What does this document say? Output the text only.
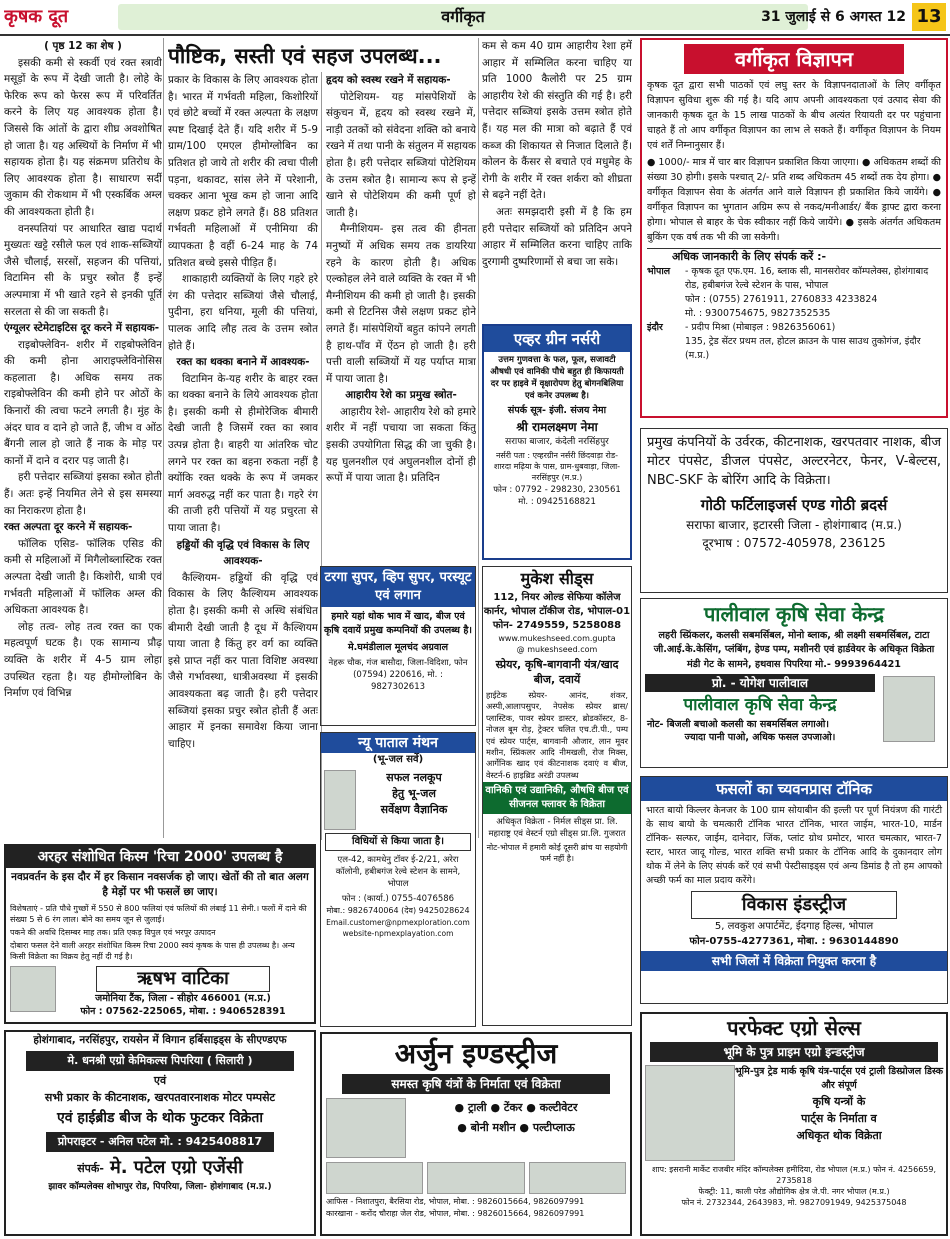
कृषक दूत	वर्गीकृत	31 जुलाई से 6 अगस्त 12 13
( पृष्ठ 12 का शेष )

इसकी कमी से स्कर्वी एवं रक्त स्त्रावी मसूड़ों के रूप में देखी जाती है। लोहे के फेरिक रूप को फेरस रूप में परिवर्तित करने के लिए यह आवश्यक होता है। जिससे कि आंतों के द्वारा शीघ्र अवशोषित हो जाता है। यह अस्थियों के निर्माण में भी सहायक होता है। यह संक्रमण प्रतिरोध के लिए आवश्यक होता है। साधारण सर्दी जुकाम की रोकथाम में भी एस्कर्बिक अम्ल की आवश्यकता होती है।

वनस्पतियां पर आधारित खाद्य पदार्थ मुख्यतः खट्टे रसीले फल एवं शाक-सब्जियों जैसे चौलाई, सरसों, सहजन की पत्तियां, विटामिन सी के प्रचुर स्त्रोत हैं इन्हें अल्पमात्रा में भी खाते रहने से इनकी पूर्ति सरलता से की जा सकती है।

एंग्यूलर स्टेमेटाइटिस दूर करने में सहायक-

राइबोफ्लेविन- शरीर में राइबोफ्लेविन की कमी होना आराइफ्लेविनोसिस कहलाता है। अधिक समय तक राइबोफ्लेविन की कमी होने पर ओठों के किनारों की त्वचा फटने लगती है। मुंह के अंदर घाव व दाने हो जाते हैं, जीभ व ओंठ बैंगनी लाल हो जाते हैं नाक के मोड़ पर कानों में दाने व दरार पड़ जाती है।

हरी पत्तेदार सब्जियां इसका स्त्रोत होती हैं। अतः इन्हें नियमित लेने से इस समस्या का निराकरण होता है।

रक्त अल्पता दूर करने में सहायक-

फॉलिक एसिड- फॉलिक एसिड की कमी से महिलाओं में मिगैलोब्लास्टिक रक्त अल्पता देखी जाती है। किशोरी, धात्री एवं गर्भवती महिलाओं में फॉलिक अम्ल की अधिकता आवश्यक है।

लोह तत्व- लोह तत्व रक्त का एक महत्वपूर्ण घटक है। एक सामान्य प्रौढ़ व्यक्ति के शरीर में 4-5 ग्राम लोहा उपस्थित रहता है। यह हीमोग्लोबिन के निर्माण एवं विभिन्न

पौष्टिक, सस्ती एवं सहज उपलब्ध...

प्रकार के विकास के लिए आवश्यक होता है। भारत में गर्भवती महिला, किशोरियों एवं छोटे बच्चों में रक्त अल्पता के लक्षण स्पष्ट दिखाई देते हैं। यदि शरीर में 5-9 ग्राम/100 एमएल हीमोग्लोबिन का प्रतिशत हो जाये तो शरीर की त्वचा पीली पड़ना, थकावट, सांस लेने में परेशानी, चक्कर आना भूख कम हो जाना आदि लक्षण प्रकट होने लगते हैं। 88 प्रतिशत गर्भवती महिलाओं में एनीमिया की व्यापकता है वहीं 6-24 माह के 74 प्रतिशत बच्चे इससे पीड़ित हैं।

शाकाहारी व्यक्तियों के लिए गहरे हरे रंग की पत्तेदार सब्जियां जैसे चौलाई, पुदीना, हरा धनिया, मूली की पत्तियां, पालक आदि लौह तत्व के उत्तम स्त्रोत होते हैं।

रक्त का थक्का बनाने में आवश्यक-

विटामिन के-यह शरीर के बाहर रक्त का थक्का बनाने के लिये आवश्यक होता है। इसकी कमी से हीमोरेजिक बीमारी देखी जाती है जिसमें रक्त का स्त्राव उत्पन्न होता है। बाहरी या आंतरिक चोट लगने पर रक्त का बहना रुकता नहीं है क्योंकि रक्त थक्के के रूप में जमकर मार्ग अवरुद्ध नहीं कर पाता है। गहरे रंग की ताजी हरी पत्तियों में यह प्रचुरता से पाया जाता है।

हड्डियों की वृद्धि एवं विकास के लिए आवश्यक-

कैल्शियम- हड्डियों की वृद्धि एवं विकास के लिए कैल्शियम आवश्यक होता है। इसकी कमी से अस्थि संबंधित बीमारी देखी जाती है दूध में कैल्शियम पाया जाता है किंतु हर वर्ग का व्यक्ति इसे प्राप्त नहीं कर पाता विशिष्ट अवस्था जैसे गर्भावस्था, धात्रीअवस्था में इसकी आवश्यकता बढ़ जाती है। हरी पत्तेदार सब्जियां इसका प्रचुर स्त्रोत होती हैं अतः आहार में इनका समावेश किया जाना चाहिए।

हृदय को स्वस्थ रखने में सहायक-

पोटेशियम- यह मांसपेशियों के संकुचन में, हृदय को स्वस्थ रखने में, नाड़ी उतकों को संवेदना शक्ति को बनाये रखने में तथा पानी के संतुलन में सहायक होता है। हरी पत्तेदार सब्जियां पोटेशियम के उत्तम स्त्रोत है। सामान्य रूप से इन्हें खाने से पोटेशियम की कमी पूर्ण हो जाती है।

मैग्नीशियम- इस तत्व की हीनता मनुष्यों में अधिक समय तक डायरिया रहने के कारण होती है। अधिक एल्कोहल लेने वाले व्यक्ति के रक्त में भी मैग्नीशियम की कमी हो जाती है। इसकी कमी से टिटनिस जैसे लक्षण प्रकट होने लगते हैं। मांसपेशियों बहुत कांपने लगती है हाथ-पाँव में ऐंठन हो जाती है। हरी पत्ती वाली सब्जियों में यह पर्याप्त मात्रा में पाया जाता है।

आहारीय रेशे का प्रमुख स्त्रोत-

आहारीय रेशे- आहारीय रेशे को हमारे शरीर में नहीं पचाया जा सकता किंतु इसकी उपयोगिता सिद्ध की जा चुकी है। यह घुलनशील एवं अघुलनशील दोनों ही रूपों में पाया जाता है। प्रतिदिन

कम से कम 40 ग्राम आहारीय रेशा हमें आहार में सम्मिलित करना चाहिए या प्रति 1000 कैलोरी पर 25 ग्राम आहारीय रेशे की संस्तुति की गई है। हरी पत्तेदार सब्जियां इसके उत्तम स्त्रोत होते हैं। यह मल की मात्रा को बढ़ाते हैं एवं कब्ज की शिकायत से निजात दिलाते हैं। कोलन के कैंसर से बचाते एवं मधुमेह के रोगी के शरीर में रक्त शर्करा को शीघ्रता से बढ़ने नहीं देते।

अतः समझदारी इसी में है कि हम हरी पत्तेदार सब्जियों को प्रतिदिन अपने आहार में सम्मिलित करना चाहिए ताकि दुरगामी दुष्परिणामों से बचा जा सके।

वर्गीकृत विज्ञापन

कृषक दूत द्वारा सभी पाठकों एवं लघु स्तर के विज्ञापनदाताओं के लिए वर्गीकृत विज्ञापन सुविधा शुरू की गई है। यदि आप अपनी आवश्यकता एवं उत्पाद सेवा की जानकारी कृषक दूत के 15 लाख पाठकों के बीच अत्यंत रियायती दर पर पहुंचाना चाहते हैं तो आप वर्गीकृत विज्ञापन का लाभ ले सकते हैं। वर्गीकृत विज्ञापन के नियम एवं शर्तें निम्नानुसार हैं।

● 1000/- मात्र में चार बार विज्ञापन प्रकाशित किया जाएगा। ● अधिकतम शब्दों की संख्या 30 होगी। इसके पश्चात् 2/- प्रति शब्द अधिकतम 45 शब्दों तक देय होगा। ● वर्गीकृत विज्ञापन सेवा के अंतर्गत आने वाले विज्ञापन ही प्रकाशित किये जायेंगे। ● वर्गीकृत विज्ञापन का भुगतान अग्रिम रूप से नकद/मनीआर्डर/ बैंक ड्राफ्ट द्वारा करना होगा। भोपाल से बाहर के चेक स्वीकार नहीं किये जायेंगे। ● इसके अंतर्गत अधिकतम बुकिंग एक वर्ष तक भी की जा सकेगी।

अधिक जानकारी के लिए संपर्क करें :-

भोपाल	- कृषक दूत एफ.एम. 16, ब्लाक सी, मानसरोवर कॉम्पलेक्स, होशंगाबाद रोड, हबीबगंज रेल्वे स्टेशन के पास, भोपाल

फोन : (0755) 2761911, 2760833 4233824

मो. : 9300754675, 9827352535

इंदौर	- प्रदीप मिश्रा (मोबाइल : 9826356061)

135, ट्रेड सेंटर प्रथम तल, होटल क्राउन के पास साउथ तुकोगंज, इंदौर (म.प्र.)

प्रमुख कंपनियों के उर्वरक, कीटनाशक, खरपतवार नाशक, बीज मोटर पंपसेट, डीजल पंपसेट, अल्टरनेटर, फेनर, V-बेल्टस, NBC-SKF के बोरिंग आदि के विक्रेता।

गोठी फर्टिलाइजर्स एण्ड गोठी ब्रदर्स

सराफा बाजार, इटारसी जिला - होशंगाबाद (म.प्र.)

दूरभाष : 07572-405978, 236125

पालीवाल कृषि सेवा केन्द्र

लहरी स्प्रिंकलर, कलसी सबमर्सिबल, मोनो ब्लाक, श्री लक्ष्मी सबमर्सिबल, टाटा जी.आई.के.केसिंग, प्लंबिंग, हेण्ड पम्प, मशीनरी एवं हार्डवेयर के अधिकृत विक्रेता

मंडी गेट के सामने, हथवास पिपरिया मो.- 9993964421

प्रो. - योगेश पालीवाल

पालीवाल कृषि सेवा केन्द्र

नोट- बिजली बचाओ कलसी का सबमर्सिबल लगाओ।

ज्यादा पानी पाओ, अधिक फसल उपजाओ।

फसलों का च्यवनप्रास टॉनिक

भारत बायो किल्लर केनजर के 100 ग्राम सोयाबीन की इल्ली पर पूर्ण नियंत्रण की गारंटी के साथ बायो के चमत्कारी टॉनिक भारत टॉनिक, भारत जाईम, भारत-10, मार्डन टॉनिक- सल्फर, जाईम, दानेदार, जिंक, प्लांट ग्रोथ प्रमोटर, भारत चमत्कार, भारत-7 स्टार, भारत जादू गोल्ड, भारत शक्ति सभी प्रकार के टॉनिक आदि के दुकानदार लोग थोक में लेने के लिए संपर्क करें एवं सभी पेस्टीसाइड्स एवं अन्य डिमांड है तो हम आपको अच्छी फर्म का माल प्रदाय करेंगे।

विकास इंडस्ट्रीज

5, लवकुश अपार्टमेंट, ईदगाह हिल्स, भोपाल

फोन-0755-4277361, मोबा. : 9630144890

सभी जिलों में विक्रेता नियुक्त करना है

एव्हर ग्रीन नर्सरी

उत्तम गुणवत्ता के फल, फूल, सजावटी औषधी एवं वानिकी पौधे बहुत ही किफायती दर पर हाइवे में वृक्षारोपण हेतु बोगनबिलिया एवं कनेर उपलब्ध है।

संपर्क सूत्र- इंजी. संजय नेमा

श्री रामलक्ष्मण नेमा

सराफा बाजार, कंदेली नरसिंहपुर

नर्सरी पता : एव्हरग्रीन नर्सरी छिंदवाड़ा रोड- शारदा मढ़िया के पास, ग्राम-धुबवाड़ा, जिला- नरसिंहपुर (म.प्र.)

फोन : 07792 - 298230, 230561

मो. : 09425168821

टरगा सुपर, व्हिप सुपर, परस्यूट एवं लगान

हमारे यहां थोक भाव में खाद, बीज एवं कृषि दवायें प्रमुख कम्पनियों की उपलब्ध है।

मे.घमंडीलाल मूलचंद अग्रवाल

नेहरू चौक, गंज बासौदा, जिला-विदिशा, फोन (07594) 220616, मो. : 9827302613

मुकेश सीड्स

112, नियर ओल्ड सेफिया कॉलेज कार्नर, भोपाल टॉकीज रोड, भोपाल-01

फोन- 2749559, 5258088

www.mukeshseed.com.gupta

@ mukeshseed.com

स्प्रेयर, कृषि-बागवानी यंत्र/खाद बीज, दवायें

हाईटेक स्प्रेयर- आनंद, शंकर, अस्पी,आलापसुपर, नेपसेक स्प्रेयर ब्रास/प्लास्टिक, पावर स्प्रेयर डास्टर, ब्रोडकॉस्टर, 8-नोजल बूम रोड़, ट्रेक्टर चलित एच.टी.पी., पम्प एवं स्प्रेयर पार्ट्स, बागवानी औजार, लान मूवर मशीन, स्प्रिंकलर आदि नीमखली, रोज मिक्स, आर्गेनिक खाद एवं कीटनाशक दवाएं व बीज, वेस्टर्न-6 हाइब्रिड अरंडी उपलब्ध

वानिकी एवं उद्यानिकी, औषधि बीज एवं सीजनल फ्लावर के विक्रेता

अधिकृत विक्रेता - निर्मल सीड्स प्रा. लि. महाराष्ट्र एवं वेस्टर्न एग्रो सीड्स प्रा.लि. गुजरात

नोट-भोपाल में हमारी कोई दूसरी ब्रांच या सहयोगी फर्म नहीं है।

न्यू पाताल मंथन

(भू-जल सर्वे)

सफल नलकूप

हेतु भू-जल

सर्वेक्षण वैज्ञानिक

विधियों से किया जाता है।

एल-42, कामधेनु टॉवर ई-2/21, अरेरा कॉलोनी, हबीबगंज रेल्वे स्टेशन के सामने, भोपाल

फोन : (कार्या.) 0755-4076586

मोबा.: 9826740064 (देव) 9425028624

Email.customer@npmexploration.com

website-npmexplayation.com

अरहर संशोधित किस्म 'रिचा 2000' उपलब्ध है

नवप्रवर्तन के इस दौर में हर किसान नवसर्जक हो जाए। खेतों की तो बात अलग है मेड़ों पर भी फसलें छा जाए।

विशेषताएं - प्रति पौधे गुच्छों में 550 से 800 फलियां एवं फलियों की लंबाई 11 सेमी.। फलों में दाने की संख्या 5 से 6 रंग लाल। बोने का समय जून से जुलाई।

पकने की अवधि दिसम्बर माह तक। प्रति एकड़ विपुल एवं भरपूर उत्पादन

दोबारा फसल देने वाली अरहर संशोधित किस्म रिचा 2000 स्वयं कृषक के पास ही उपलब्ध है। अन्य किसी विक्रेता का विक्रय हेतु नहीं दी गई है।

ऋषभ वाटिका

जमोनिया टैंक, जिला - सीहोर 466001 (म.प्र.)

फोन : 07562-225065, मोबा. : 9406528391

होशंगाबाद, नरसिंहपुर, रायसेन में विगान हर्बिसाइड्स के सीएण्डएफ

मे. धनश्री एग्रो केमिकल्स पिपरिया ( सिलारी )

एवं

सभी प्रकार के कीटनाशक, खरपतवारनाशक मोटर पम्पसेट

एवं हाईब्रीड बीज के थोक फुटकर विक्रेता

प्रोपराइटर - अनिल पटेल मो. : 9425408817

संपर्क- मे. पटेल एग्रो एजेंसी

झावर कॉम्पलेक्स शोभापुर रोड, पिपरिया, जिला- होशंगाबाद (म.प्र.)

अर्जुन इण्डस्ट्रीज

समस्त कृषि यंत्रों के निर्माता एवं विक्रेता

● ट्राली ● टेंकर ● कल्टीवेटर

● बोनी मशीन ● पल्टीप्लाऊ

आफिस - निशातपुरा, बैरसिया रोड, भोपाल, मोबा. : 9826015664, 9826097991

कारखाना - करोंद चौराहा जेल रोड, भोपाल, मोबा. : 9826015664, 9826097991

परफेक्ट एग्रो सेल्स

भूमि के पुत्र प्राइम एग्रो इन्डस्ट्रीज

भूमि-पुत्र ट्रेड मार्क कृषि यंत्र-पार्ट्स एवं ट्राली डिस्प्रोजल डिस्क और संपूर्ण

कृषि यन्त्रों के

पार्ट्स के निर्माता व

अधिकृत थोक विक्रेता

शाप: इसरानी मार्केट राजबीर मंदिर कॉम्पलेक्स हमीदिया, रोड भोपाल (म.प्र.) फोन नं. 4256659, 2735818

फेक्ट्री: 11, काली परेड औद्योगिक क्षेत्र जे.पी. नगर भोपाल (म.प्र.)

फोन नं. 2732344, 2643983, मो. 9827091949, 9425375048
